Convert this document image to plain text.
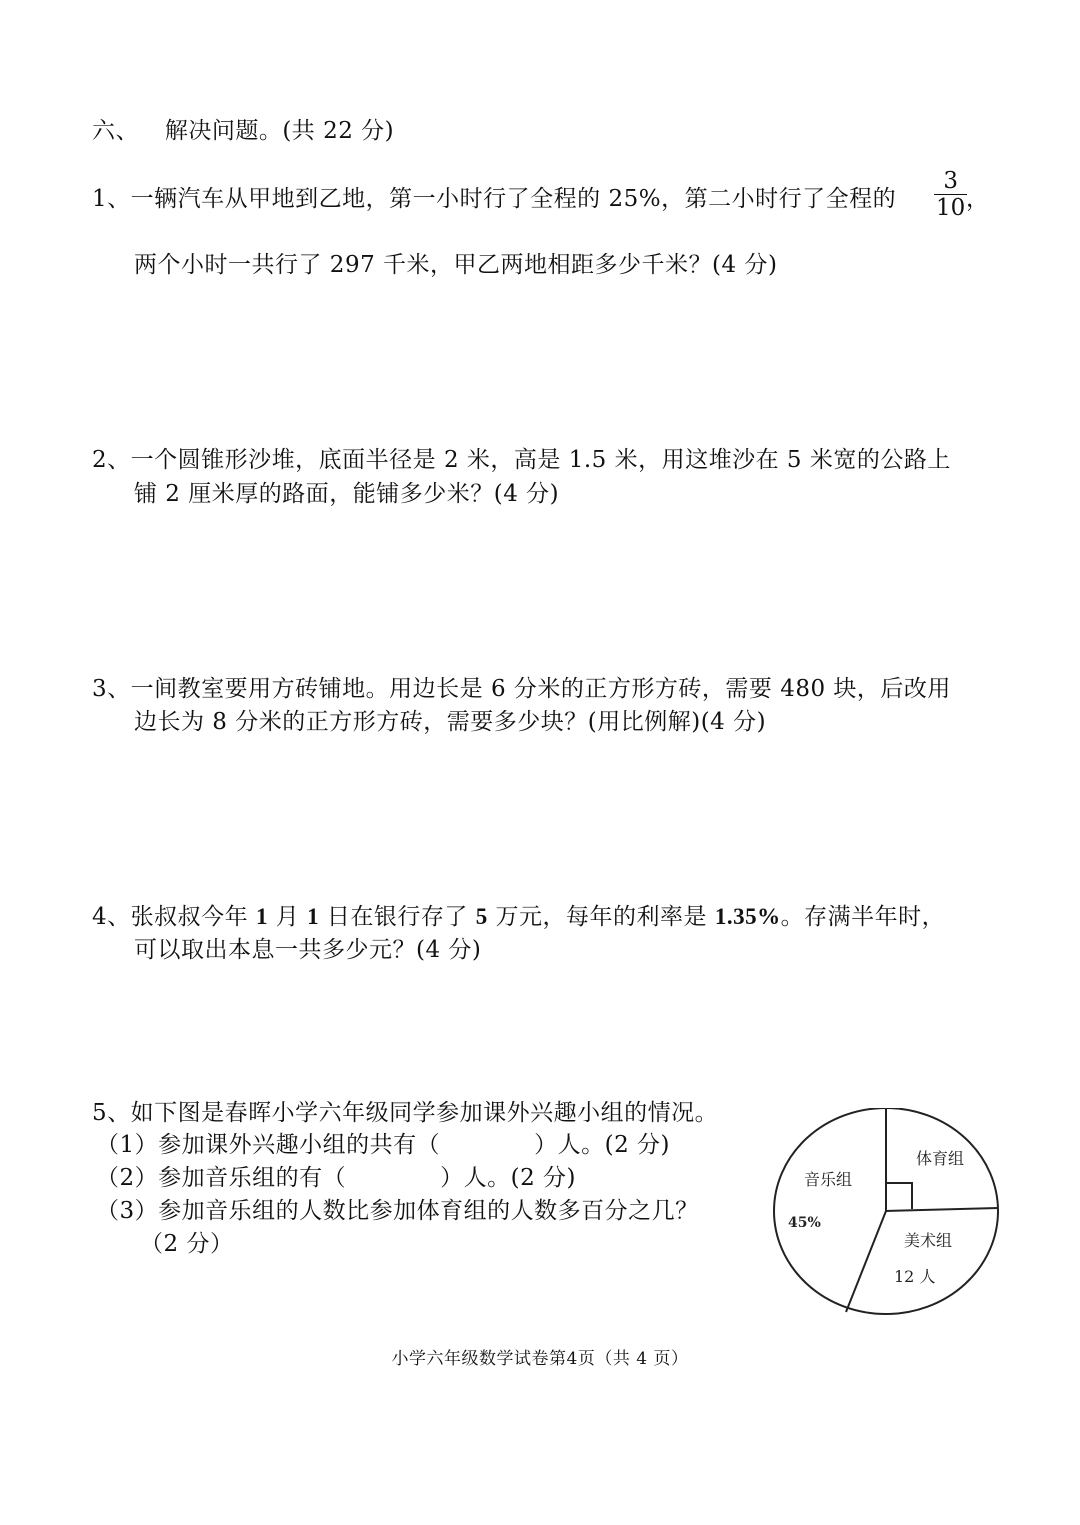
六、 解决问题。(共 22 分)
1、一辆汽车从甲地到乙地，第一小时行了全程的 25%，第二小时行了全程的
3
10 ，
两个小时一共行了 297 千米，甲乙两地相距多少千米？(4 分)
2、一个圆锥形沙堆，底面半径是 2 米，高是 1.5 米，用这堆沙在 5 米宽的公路上
铺 2 厘米厚的路面，能铺多少米？(4 分)
3、一间教室要用方砖铺地。用边长是 6 分米的正方形方砖，需要 480 块，后改用
边长为 8 分米的正方形方砖，需要多少块？(用比例解)(4 分)
4、张叔叔今年 1 月 1 日在银行存了 5 万元，每年的利率是 1.35%。存满半年时，
可以取出本息一共多少元？(4 分)
5、如下图是春晖小学六年级同学参加课外兴趣小组的情况。
（1）参加课外兴趣小组的共有（　　　　）人。(2 分)
（2）参加音乐组的有（　　　　）人。(2 分)
（3）参加音乐组的人数比参加体育组的人数多百分之几？
（2 分）
音乐组
45%
体育组
美术组
12 人
小学六年级数学试卷第4页（共 4 页）
